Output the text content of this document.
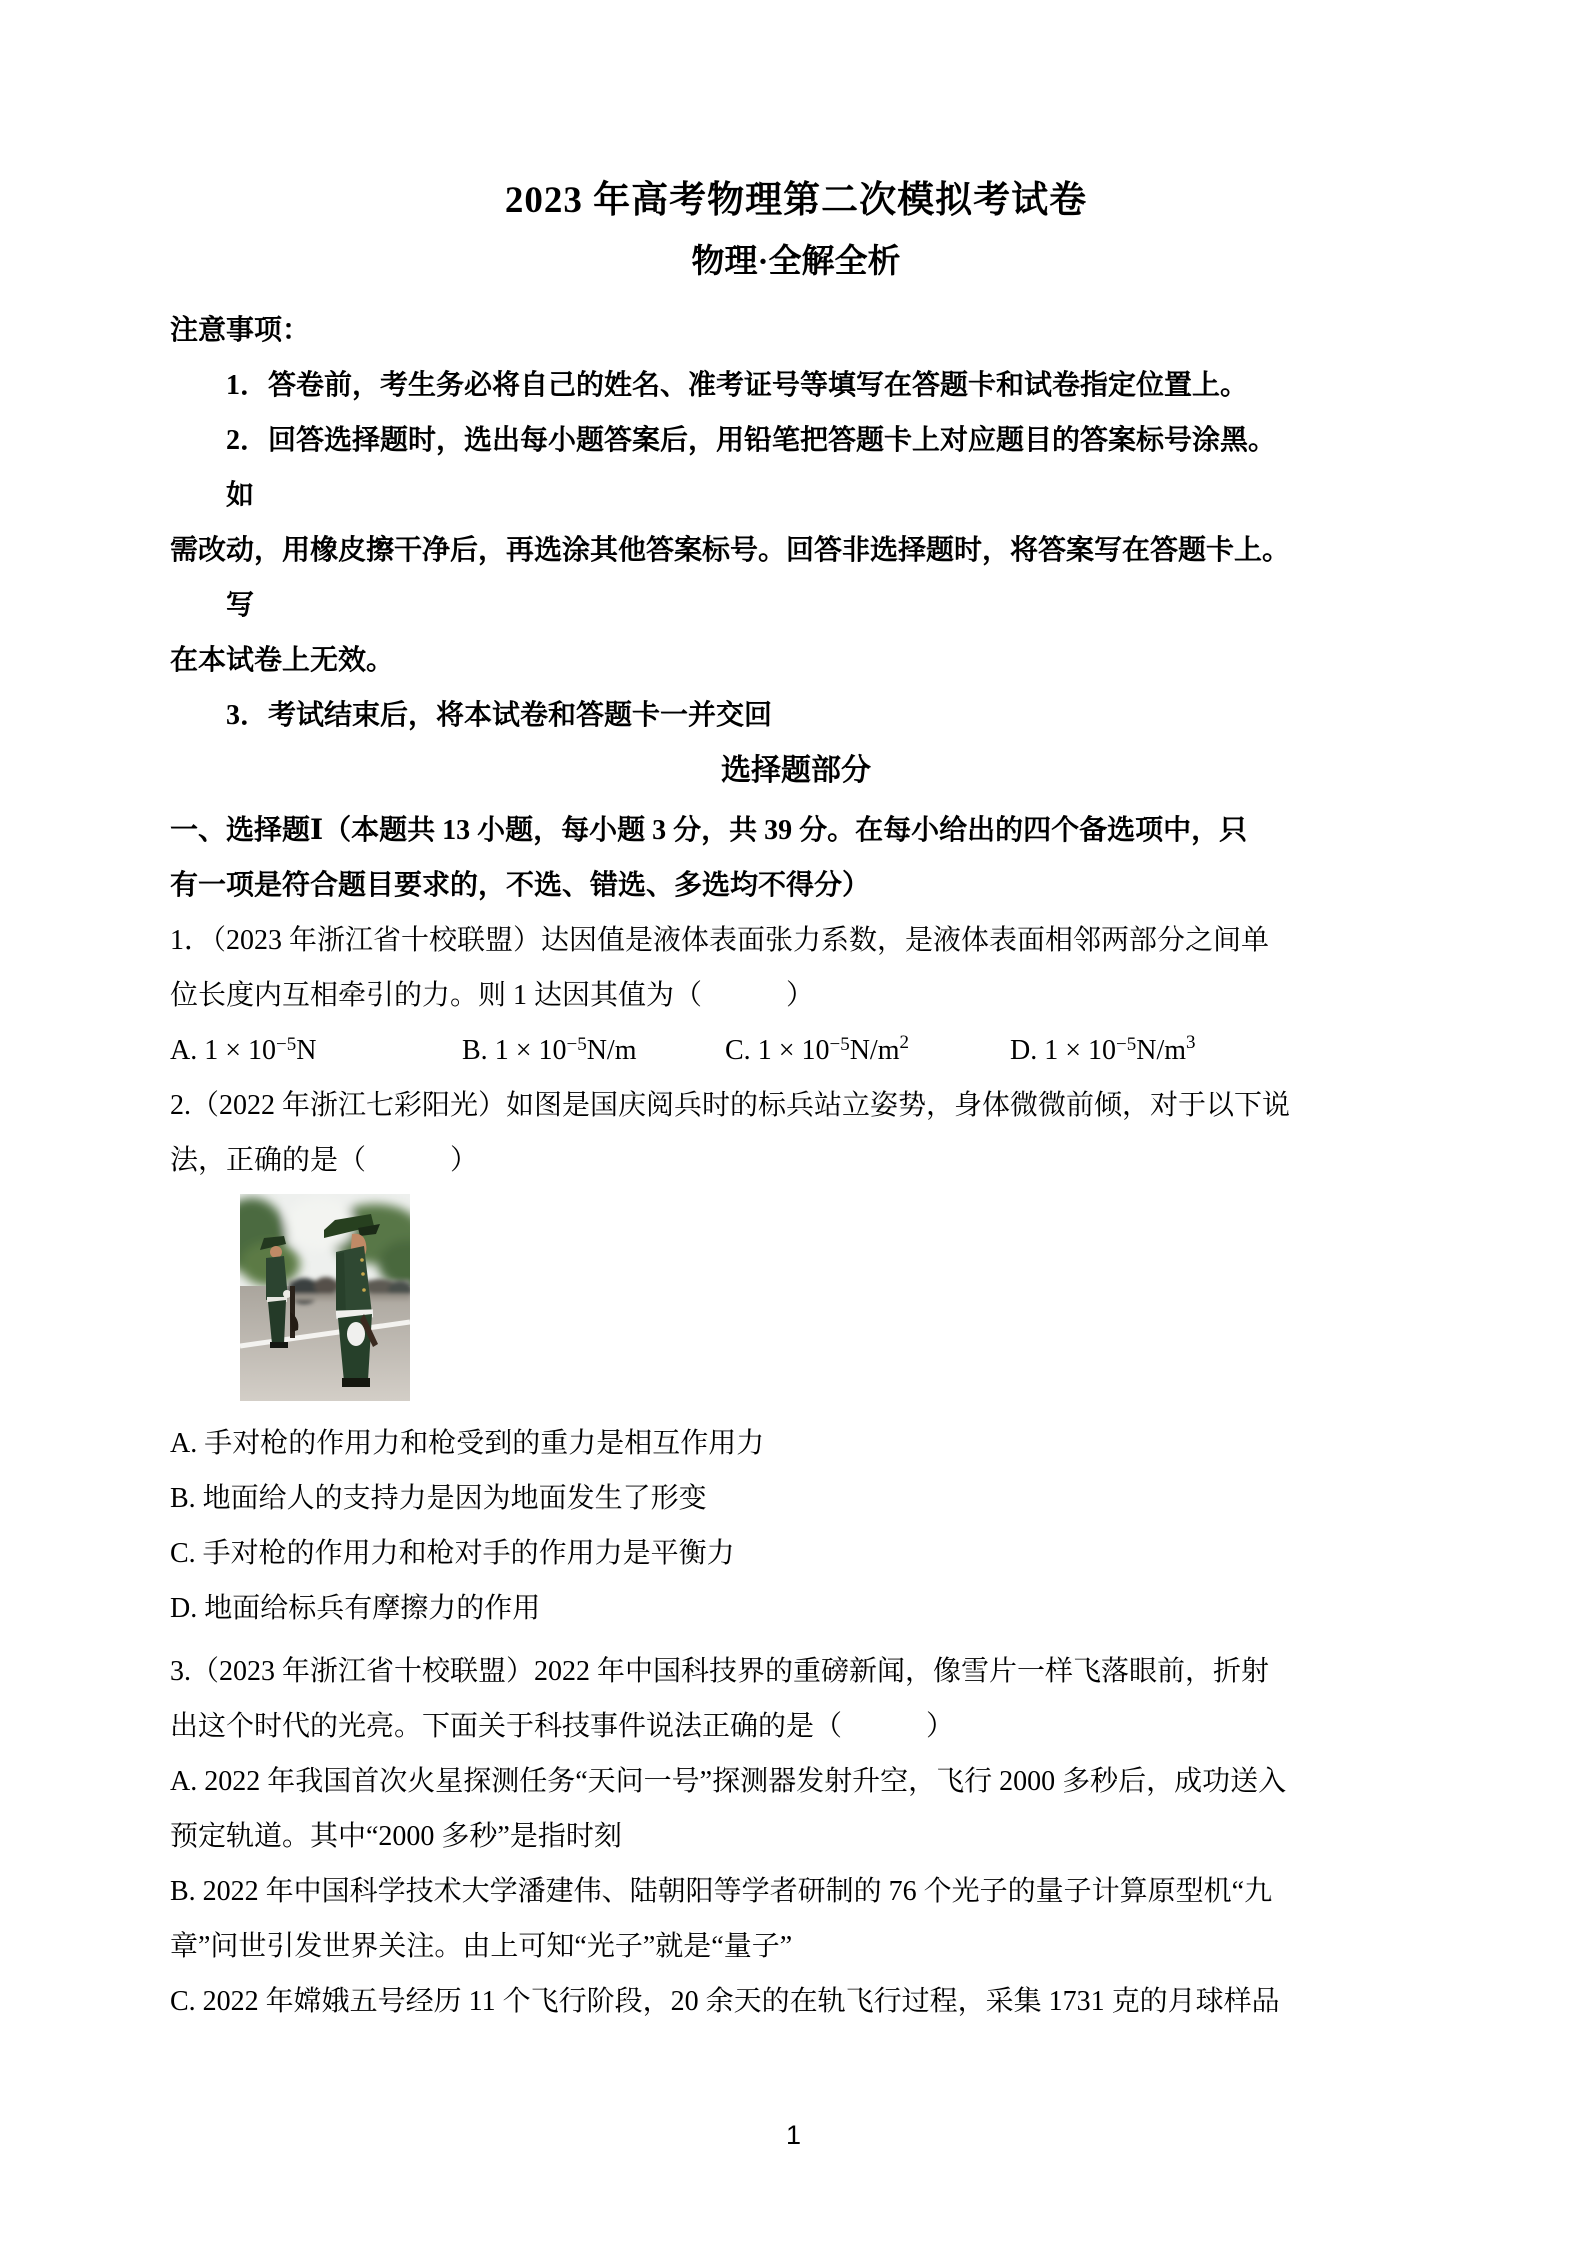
2023 年高考物理第二次模拟考试卷
物理·全解全析
注意事项：
1．答卷前，考生务必将自己的姓名、准考证号等填写在答题卡和试卷指定位置上。
2．回答选择题时，选出每小题答案后，用铅笔把答题卡上对应题目的答案标号涂黑。
如
需改动，用橡皮擦干净后，再选涂其他答案标号。回答非选择题时，将答案写在答题卡上。
写
在本试卷上无效。
3．考试结束后，将本试卷和答题卡一并交回
选择题部分
一、选择题Ⅰ（本题共 13 小题，每小题 3 分，共 39 分。在每小给出的四个备选项中，只
有一项是符合题目要求的，不选、错选、多选均不得分）
1．（2023 年浙江省十校联盟）达因值是液体表面张力系数，是液体表面相邻两部分之间单
位长度内互相牵引的力。则 1 达因其值为（　　　）
A. $1 \times 10^{-5}N$	B. $1 \times 10^{-5}N/m$	C. $1 \times 10^{-5}N/m^2$	D. $1 \times 10^{-5}N/m^3$
2.（2022 年浙江七彩阳光）如图是国庆阅兵时的标兵站立姿势，身体微微前倾，对于以下说
法，正确的是（　　　）
A. 手对枪的作用力和枪受到的重力是相互作用力
B. 地面给人的支持力是因为地面发生了形变
C. 手对枪的作用力和枪对手的作用力是平衡力
D. 地面给标兵有摩擦力的作用
3.（2023 年浙江省十校联盟）2022 年中国科技界的重磅新闻，像雪片一样飞落眼前，折射
出这个时代的光亮。下面关于科技事件说法正确的是（　　　）
A. 2022 年我国首次火星探测任务“天问一号”探测器发射升空，飞行 2000 多秒后，成功送入
预定轨道。其中“2000 多秒”是指时刻
B. 2022 年中国科学技术大学潘建伟、陆朝阳等学者研制的 76 个光子的量子计算原型机“九
章”问世引发世界关注。由上可知“光子”就是“量子”
C. 2022 年嫦娥五号经历 11 个飞行阶段，20 余天的在轨飞行过程，采集 1731 克的月球样品
1
